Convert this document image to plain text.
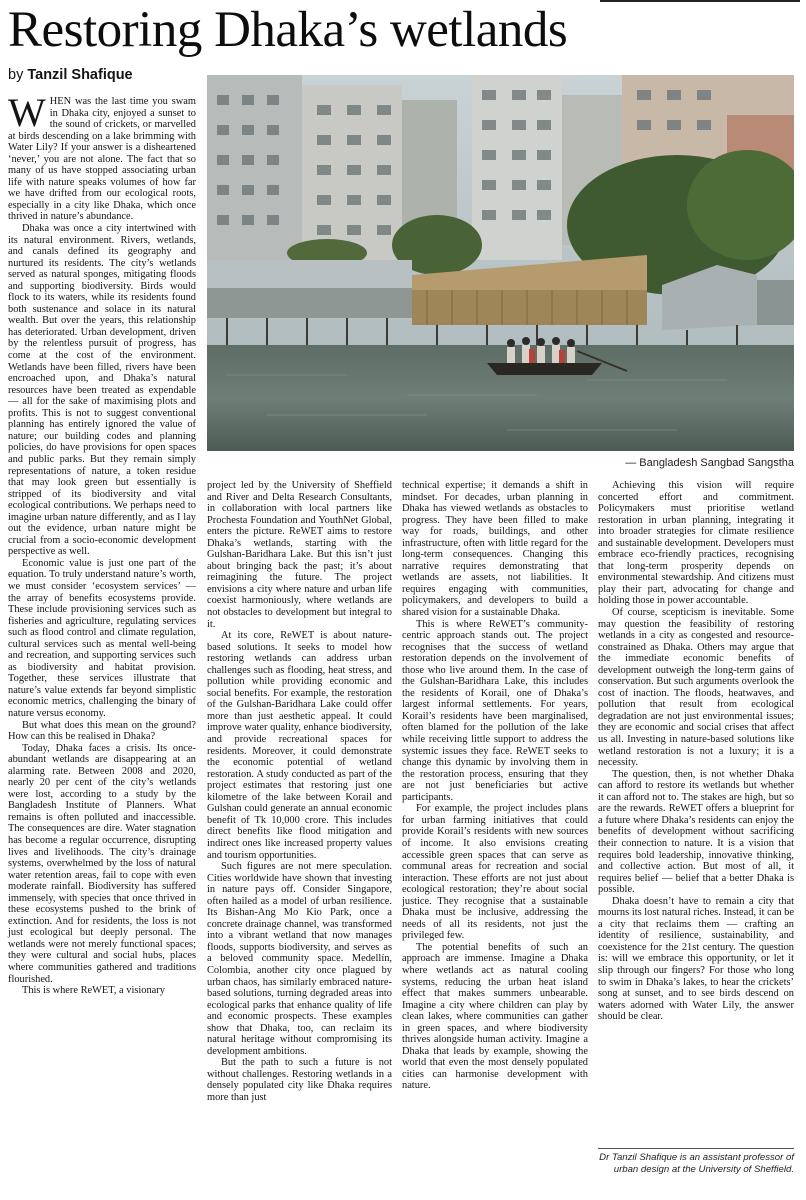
Restoring Dhaka’s wetlands
by Tanzil Shafique
— Bangladesh Sangbad Sangstha

WHEN was the last time you swam in Dhaka city, enjoyed a sunset to the sound of crickets, or marvelled at birds descending on a lake brimming with Water Lily? If your answer is a disheartened ‘never,’ you are not alone. The fact that so many of us have stopped associating urban life with nature speaks volumes of how far we have drifted from our ecological roots, especially in a city like Dhaka, which once thrived in nature’s abundance.

Dhaka was once a city intertwined with its natural environment. Rivers, wetlands, and canals defined its geography and nurtured its residents. The city’s wetlands served as natural sponges, mitigating floods and supporting biodiversity. Birds would flock to its waters, while its residents found both sustenance and solace in its natural wealth. But over the years, this relationship has deteriorated. Urban development, driven by the relentless pursuit of progress, has come at the cost of the environment. Wetlands have been filled, rivers have been encroached upon, and Dhaka’s natural resources have been treated as expendable — all for the sake of maximising plots and profits. This is not to suggest conventional planning has entirely ignored the value of nature; our building codes and planning policies, do have provisions for open spaces and public parks. But they remain simply representations of nature, a token residue that may look green but essentially is stripped of its biodiversity and vital ecological contributions. We perhaps need to imagine urban nature differently, and as I lay out the evidence, urban nature might be crucial from a socio-economic development perspective as well.

Economic value is just one part of the equation. To truly understand nature’s worth, we must consider ‘ecosystem services’ — the array of benefits ecosystems provide. These include provisioning services such as fisheries and agriculture, regulating services such as flood control and climate regulation, cultural services such as mental well-being and recreation, and supporting services such as biodiversity and habitat provision. Together, these services illustrate that nature’s value extends far beyond simplistic economic metrics, challenging the binary of nature versus economy.

But what does this mean on the ground? How can this be realised in Dhaka?

Today, Dhaka faces a crisis. Its once-abundant wetlands are disappearing at an alarming rate. Between 2008 and 2020, nearly 20 per cent of the city’s wetlands were lost, according to a study by the Bangladesh Institute of Planners. What remains is often polluted and inaccessible. The consequences are dire. Water stagnation has become a regular occurrence, disrupting lives and livelihoods. The city’s drainage systems, overwhelmed by the loss of natural water retention areas, fail to cope with even moderate rainfall. Biodiversity has suffered immensely, with species that once thrived in these ecosystems pushed to the brink of extinction. And for residents, the loss is not just ecological but deeply personal. The wetlands were not merely functional spaces; they were cultural and social hubs, places where communities gathered and traditions flourished.

This is where ReWET, a visionary

project led by the University of Sheffield and River and Delta Research Consultants, in collaboration with local partners like Prochesta Foundation and YouthNet Global, enters the picture. ReWET aims to restore Dhaka’s wetlands, starting with the Gulshan-Baridhara Lake. But this isn’t just about bringing back the past; it’s about reimagining the future. The project envisions a city where nature and urban life coexist harmoniously, where wetlands are not obstacles to development but integral to it.

At its core, ReWET is about nature-based solutions. It seeks to model how restoring wetlands can address urban challenges such as flooding, heat stress, and pollution while providing economic and social benefits. For example, the restoration of the Gulshan-Baridhara Lake could offer more than just aesthetic appeal. It could improve water quality, enhance biodiversity, and provide recreational spaces for residents. Moreover, it could demonstrate the economic potential of wetland restoration. A study conducted as part of the project estimates that restoring just one kilometre of the lake between Korail and Gulshan could generate an annual economic benefit of Tk 10,000 crore. This includes direct benefits like flood mitigation and indirect ones like increased property values and tourism opportunities.

Such figures are not mere speculation. Cities worldwide have shown that investing in nature pays off. Consider Singapore, often hailed as a model of urban resilience. Its Bishan-Ang Mo Kio Park, once a concrete drainage channel, was transformed into a vibrant wetland that now manages floods, supports biodiversity, and serves as a beloved community space. Medellín, Colombia, another city once plagued by urban chaos, has similarly embraced nature-based solutions, turning degraded areas into ecological parks that enhance quality of life and economic prospects. These examples show that Dhaka, too, can reclaim its natural heritage without compromising its development ambitions.

But the path to such a future is not without challenges. Restoring wetlands in a densely populated city like Dhaka requires more than just

technical expertise; it demands a shift in mindset. For decades, urban planning in Dhaka has viewed wetlands as obstacles to progress. They have been filled to make way for roads, buildings, and other infrastructure, often with little regard for the long-term consequences. Changing this narrative requires demonstrating that wetlands are assets, not liabilities. It requires engaging with communities, policymakers, and developers to build a shared vision for a sustainable Dhaka.

This is where ReWET’s community-centric approach stands out. The project recognises that the success of wetland restoration depends on the involvement of those who live around them. In the case of the Gulshan-Baridhara Lake, this includes the residents of Korail, one of Dhaka’s largest informal settlements. For years, Korail’s residents have been marginalised, often blamed for the pollution of the lake while receiving little support to address the systemic issues they face. ReWET seeks to change this dynamic by involving them in the restoration process, ensuring that they are not just beneficiaries but active participants.

For example, the project includes plans for urban farming initiatives that could provide Korail’s residents with new sources of income. It also envisions creating accessible green spaces that can serve as communal areas for recreation and social interaction. These efforts are not just about ecological restoration; they’re about social justice. They recognise that a sustainable Dhaka must be inclusive, addressing the needs of all its residents, not just the privileged few.

The potential benefits of such an approach are immense. Imagine a Dhaka where wetlands act as natural cooling systems, reducing the urban heat island effect that makes summers unbearable. Imagine a city where children can play by clean lakes, where communities can gather in green spaces, and where biodiversity thrives alongside human activity. Imagine a Dhaka that leads by example, showing the world that even the most densely populated cities can harmonise development with nature.

Achieving this vision will require concerted effort and commitment. Policymakers must prioritise wetland restoration in urban planning, integrating it into broader strategies for climate resilience and sustainable development. Developers must embrace eco-friendly practices, recognising that long-term prosperity depends on environmental stewardship. And citizens must play their part, advocating for change and holding those in power accountable.

Of course, scepticism is inevitable. Some may question the feasibility of restoring wetlands in a city as congested and resource-constrained as Dhaka. Others may argue that the immediate economic benefits of development outweigh the long-term gains of conservation. But such arguments overlook the cost of inaction. The floods, heatwaves, and pollution that result from ecological degradation are not just environmental issues; they are economic and social crises that affect us all. Investing in nature-based solutions like wetland restoration is not a luxury; it is a necessity.

The question, then, is not whether Dhaka can afford to restore its wetlands but whether it can afford not to. The stakes are high, but so are the rewards. ReWET offers a blueprint for a future where Dhaka’s residents can enjoy the benefits of development without sacrificing their connection to nature. It is a vision that requires bold leadership, innovative thinking, and collective action. But most of all, it requires belief — belief that a better Dhaka is possible.

Dhaka doesn’t have to remain a city that mourns its lost natural riches. Instead, it can be a city that reclaims them — crafting an identity of resilience, sustainability, and coexistence for the 21st century. The question is: will we embrace this opportunity, or let it slip through our fingers? For those who long to swim in Dhaka’s lakes, to hear the crickets’ song at sunset, and to see birds descend on waters adorned with Water Lily, the answer should be clear.

Dr Tanzil Shafique is an assistant professor of urban design at the University of Sheffield.
